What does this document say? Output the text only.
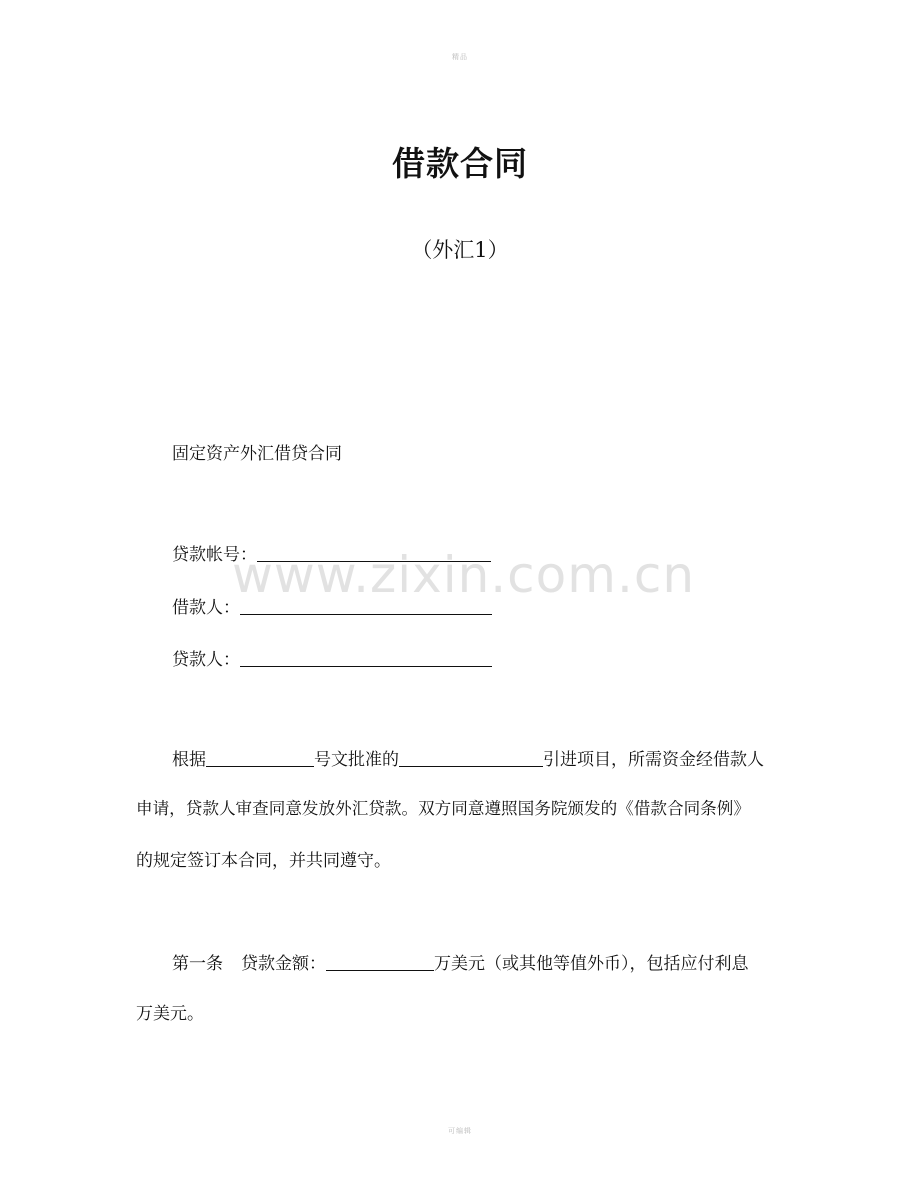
精品
借款合同
（外汇1）
www.zixin.com.cn
固定资产外汇借贷合同
贷款帐号：
借款人：
贷款人：
根据	号文批准的	引进项目，所需资金经借款人
申请，贷款人审查同意发放外汇贷款。双方同意遵照国务院颁发的《借款合同条例》
的规定签订本合同，并共同遵守。
第一条 贷款金额：	万美元（或其他等值外币），包括应付利息
万美元。
可编辑
